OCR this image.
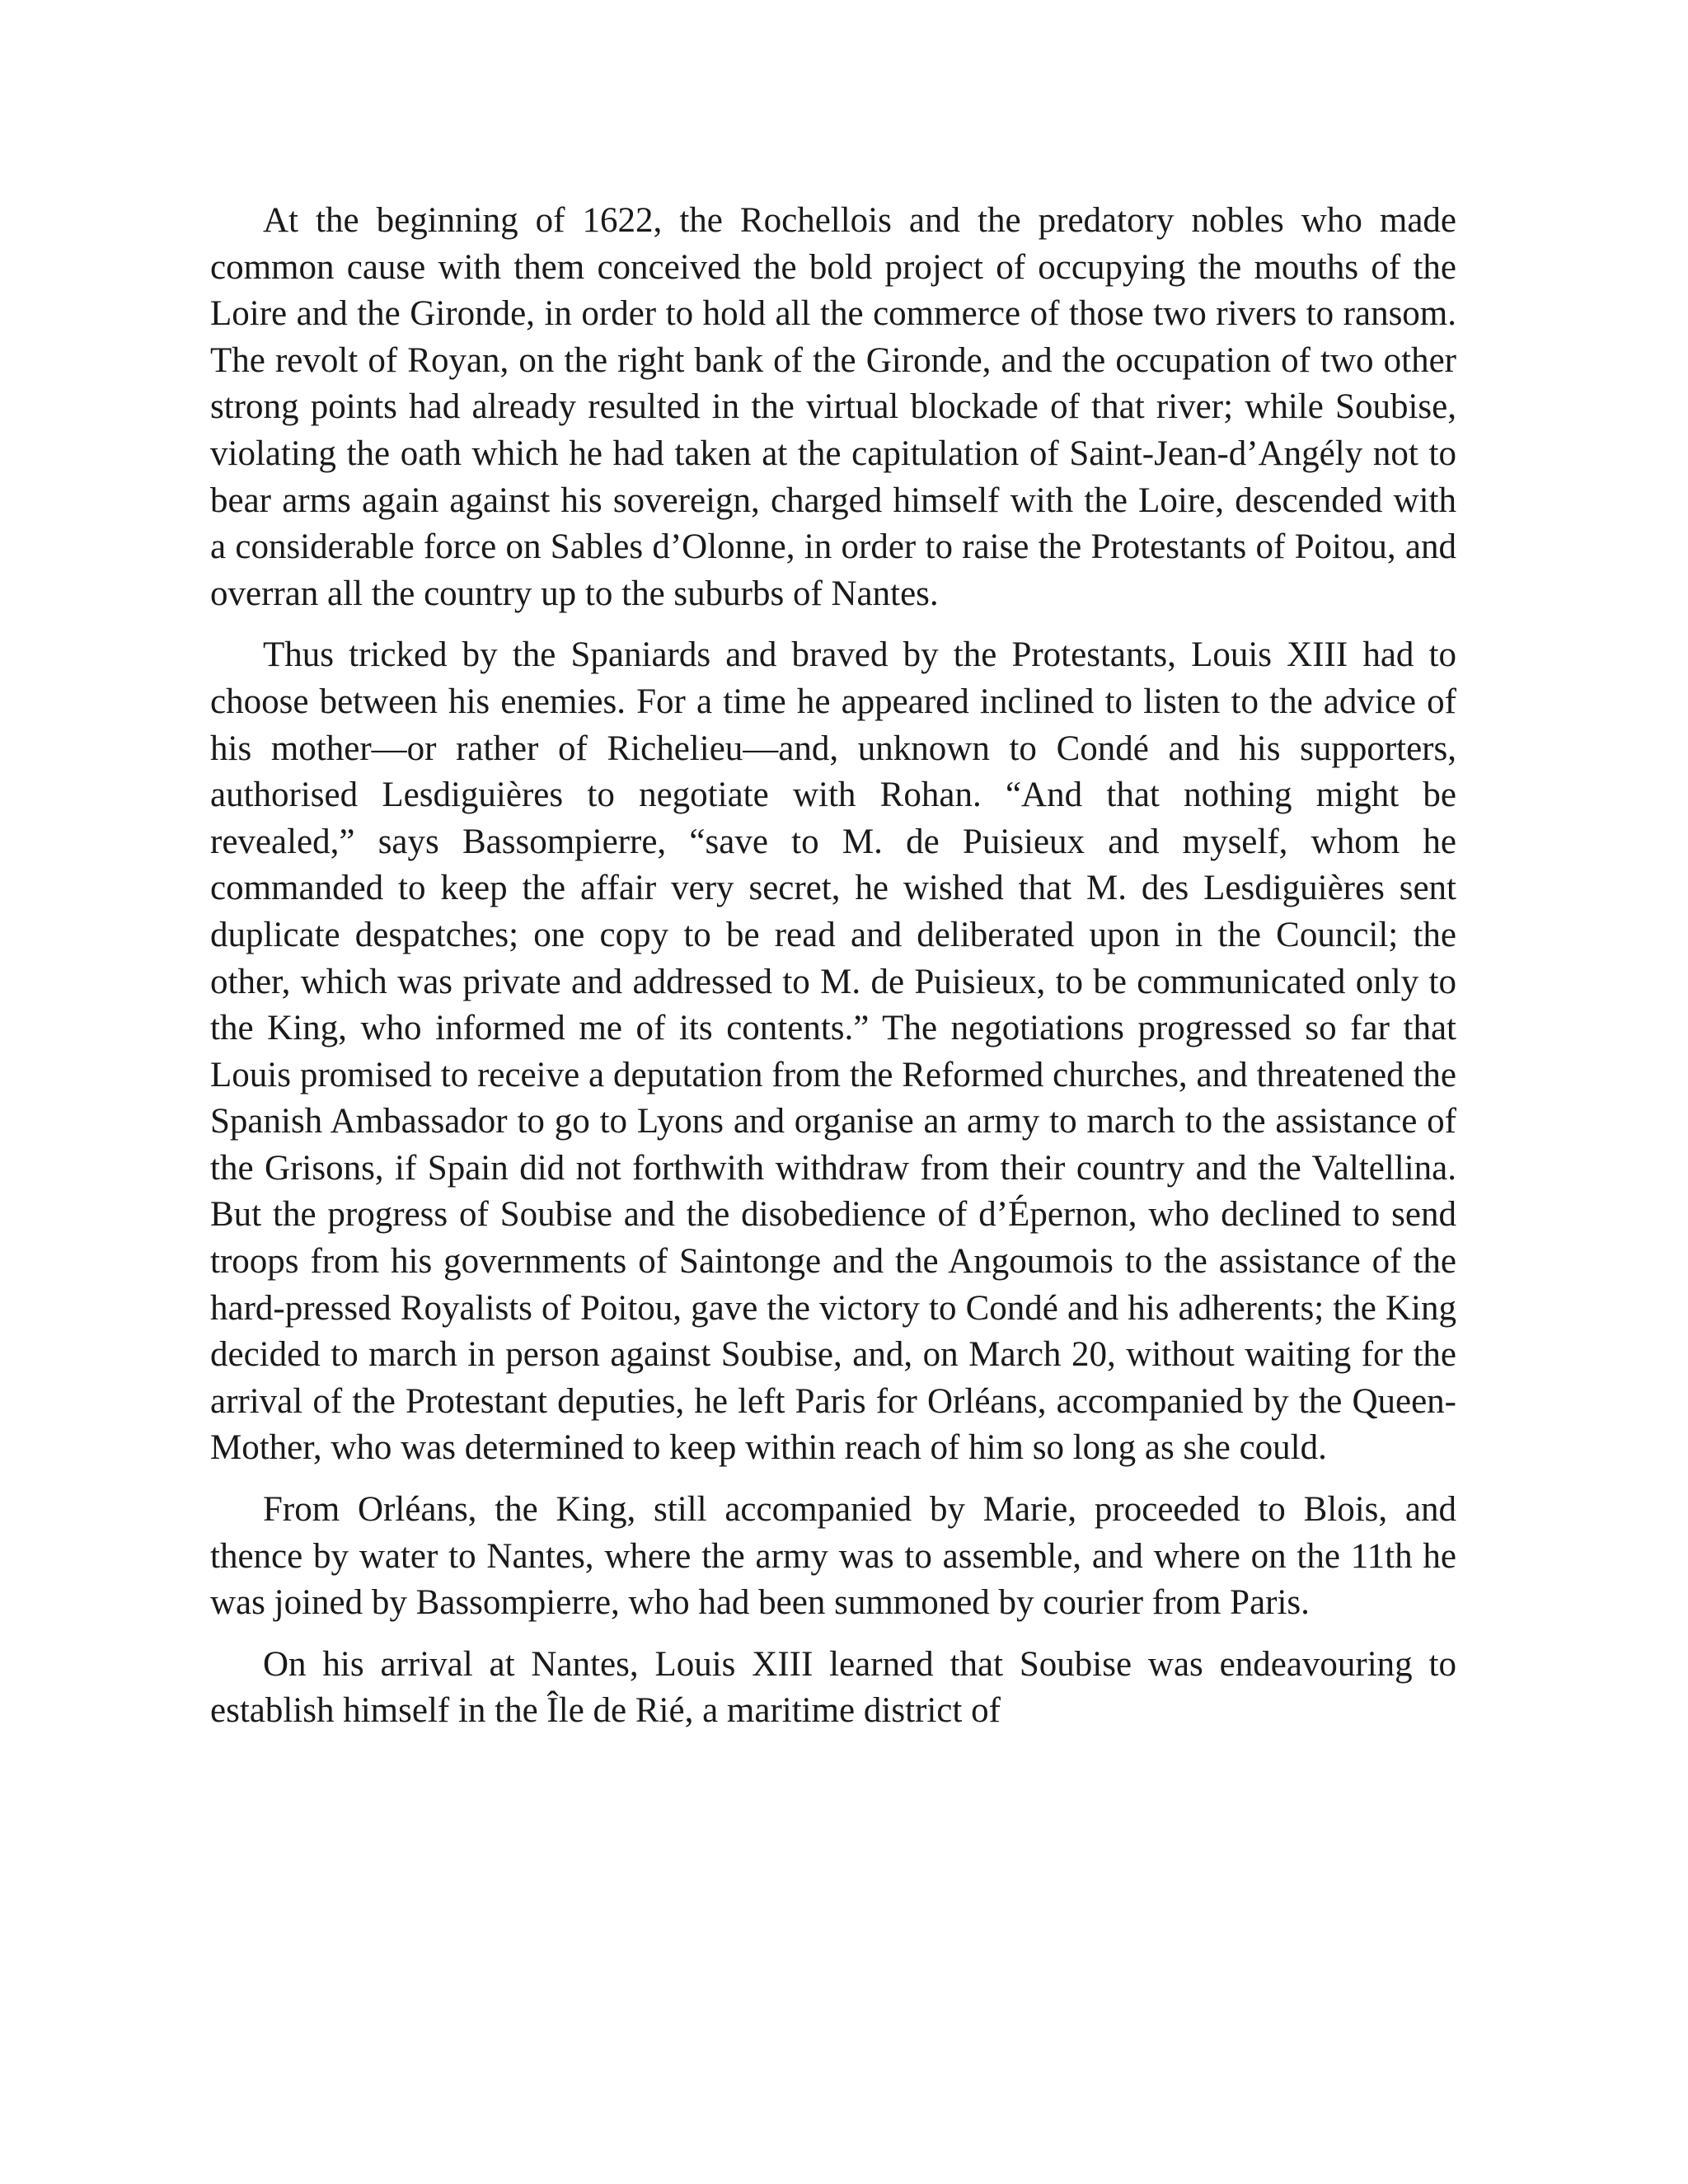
At the beginning of 1622, the Rochellois and the predatory nobles who made common cause with them conceived the bold project of occupying the mouths of the Loire and the Gironde, in order to hold all the commerce of those two rivers to ransom. The revolt of Royan, on the right bank of the Gironde, and the occupation of two other strong points had already resulted in the virtual blockade of that river; while Soubise, violating the oath which he had taken at the capitulation of Saint-Jean-d’Angély not to bear arms again against his sovereign, charged himself with the Loire, descended with a considerable force on Sables d’Olonne, in order to raise the Protestants of Poitou, and overran all the country up to the suburbs of Nantes.

Thus tricked by the Spaniards and braved by the Protestants, Louis XIII had to choose between his enemies. For a time he appeared inclined to listen to the advice of his mother—or rather of Richelieu—and, unknown to Condé and his supporters, authorised Lesdiguières to negotiate with Rohan. “And that nothing might be revealed,” says Bassompierre, “save to M. de Puisieux and myself, whom he commanded to keep the affair very secret, he wished that M. des Lesdiguières sent duplicate despatches; one copy to be read and deliberated upon in the Council; the other, which was private and addressed to M. de Puisieux, to be communicated only to the King, who informed me of its contents.” The negotiations progressed so far that Louis promised to receive a deputation from the Reformed churches, and threatened the Spanish Ambassador to go to Lyons and organise an army to march to the assistance of the Grisons, if Spain did not forthwith withdraw from their country and the Valtellina. But the progress of Soubise and the disobedience of d’Épernon, who declined to send troops from his governments of Saintonge and the Angoumois to the assistance of the hard-pressed Royalists of Poitou, gave the victory to Condé and his adherents; the King decided to march in person against Soubise, and, on March 20, without waiting for the arrival of the Protestant deputies, he left Paris for Orléans, accompanied by the Queen-Mother, who was determined to keep within reach of him so long as she could.

From Orléans, the King, still accompanied by Marie, proceeded to Blois, and thence by water to Nantes, where the army was to assemble, and where on the 11th he was joined by Bassompierre, who had been summoned by courier from Paris.

On his arrival at Nantes, Louis XIII learned that Soubise was endeavouring to establish himself in the Île de Rié, a maritime district of
